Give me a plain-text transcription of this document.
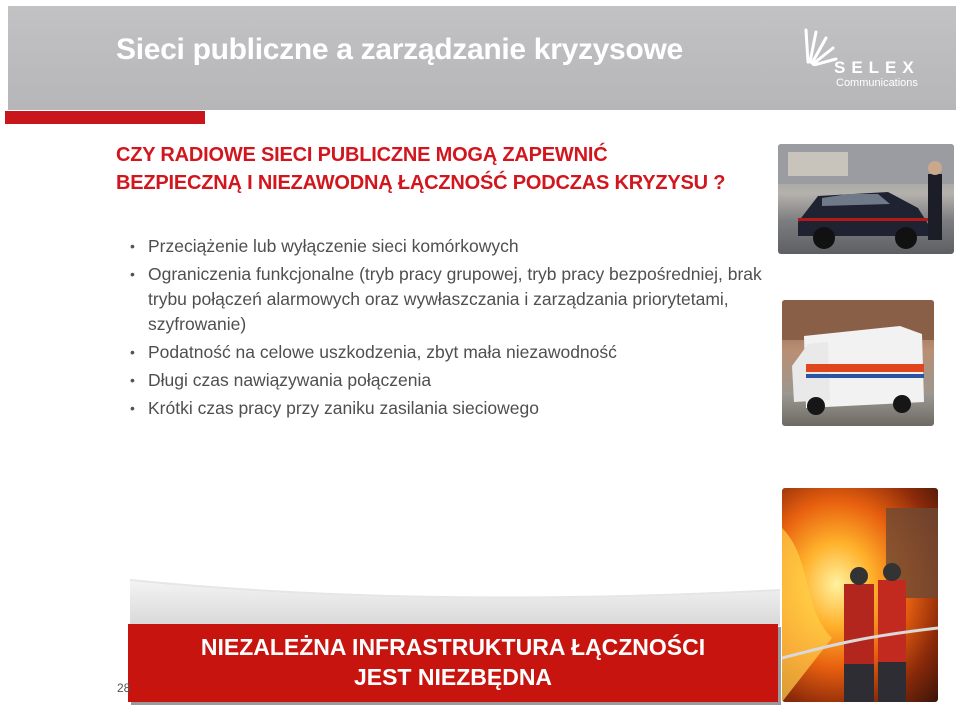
Sieci publiczne a zarządzanie kryzysowe
SELEX
Communications
CZY RADIOWE SIECI PUBLICZNE MOGĄ ZAPEWNIĆ BEZPIECZNĄ I NIEZAWODNĄ ŁĄCZNOŚĆ PODCZAS KRYZYSU ?
• Przeciążenie lub wyłączenie sieci komórkowych
• Ograniczenia funkcjonalne (tryb pracy grupowej, tryb pracy bezpośredniej, brak trybu połączeń alarmowych oraz wywłaszczania i zarządzania priorytetami, szyfrowanie)
• Podatność na celowe uszkodzenia, zbyt mała niezawodność
• Długi czas nawiązywania połączenia
• Krótki czas pracy przy zaniku zasilania sieciowego
NIEZALEŻNA INFRASTRUKTURA ŁĄCZNOŚCI
JEST NIEZBĘDNA
28
